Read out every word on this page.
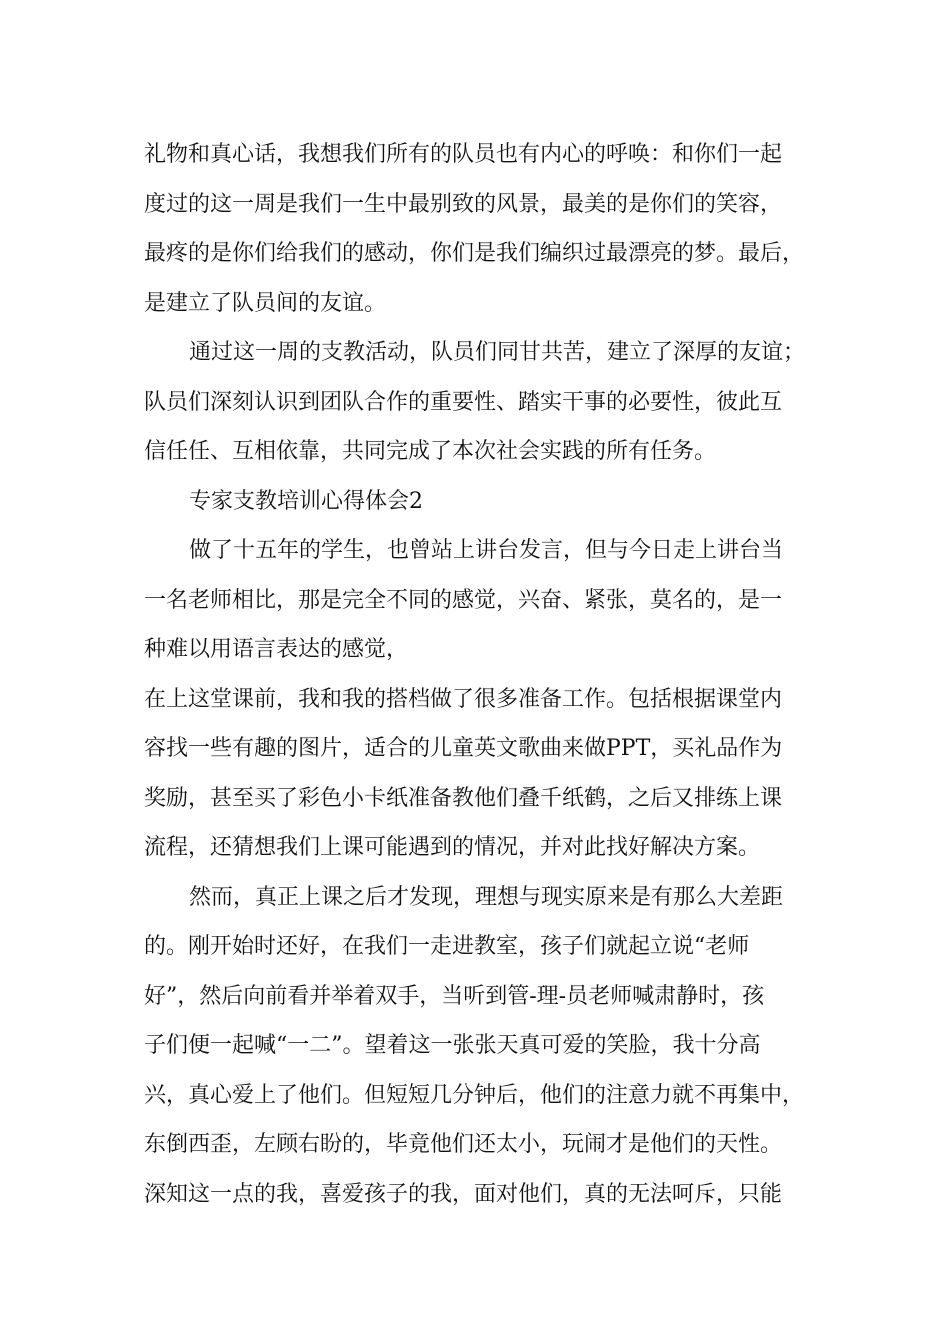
礼物和真心话，我想我们所有的队员也有内心的呼唤：和你们一起
度过的这一周是我们一生中最别致的风景，最美的是你们的笑容，
最疼的是你们给我们的感动，你们是我们编织过最漂亮的梦。最后，
是建立了队员间的友谊。
通过这一周的支教活动，队员们同甘共苦，建立了深厚的友谊；
队员们深刻认识到团队合作的重要性、踏实干事的必要性，彼此互
信任任、互相依靠，共同完成了本次社会实践的所有任务。
专家支教培训心得体会2
做了十五年的学生，也曾站上讲台发言，但与今日走上讲台当
一名老师相比，那是完全不同的感觉，兴奋、紧张，莫名的，是一
种难以用语言表达的感觉，
在上这堂课前，我和我的搭档做了很多准备工作。包括根据课堂内
容找一些有趣的图片，适合的儿童英文歌曲来做PPT，买礼品作为
奖励，甚至买了彩色小卡纸准备教他们叠千纸鹤，之后又排练上课
流程，还猜想我们上课可能遇到的情况，并对此找好解决方案。
然而，真正上课之后才发现，理想与现实原来是有那么大差距
的。刚开始时还好，在我们一走进教室，孩子们就起立说“老师
好”，然后向前看并举着双手，当听到管-理-员老师喊肃静时，孩
子们便一起喊“一二”。望着这一张张天真可爱的笑脸，我十分高
兴，真心爱上了他们。但短短几分钟后，他们的注意力就不再集中，
东倒西歪，左顾右盼的，毕竟他们还太小，玩闹才是他们的天性。
深知这一点的我，喜爱孩子的我，面对他们，真的无法呵斥，只能
